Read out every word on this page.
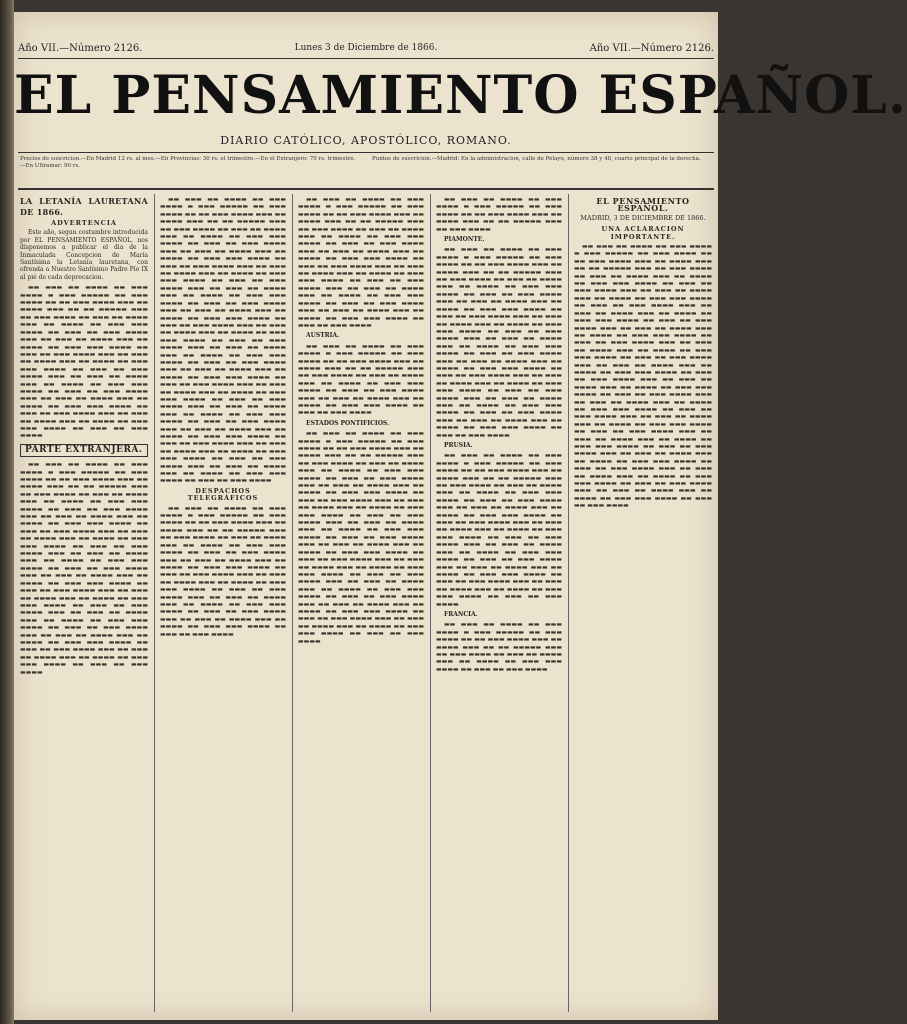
Año VII.—Número 2126.	Lunes 3 de Diciembre de 1866.	Año VII.—Número 2126.
EL PENSAMIENTO ESPAÑOL.
DIARIO CATÓLICO, APOSTÓLICO, ROMANO.
Precios de suscricion.—En Madrid 12 rs. al mes.—En Provincias: 30 rs. el trimestre.—En el Extranjero: 70 rs. trimestre.—En Ultramar: 90 rs.
Puntos de suscricion.—Madrid: En la administracion, calle de Pelayo, número 38 y 40, cuarto principal de la derecha.
LA LETANÍA LAURETANA DE 1866.
ADVERTENCIA

Este año, segun costumbre introducida por EL PENSAMIENTO ESPAÑOL, nos disponemos a publicar el dia de la Inmaculada Concepcion de María Santísima la Letanía lauretana, con ofrenda a Nuestro Santísimo Padre Pío IX al pié de cada deprecacion.

▬▬ ▬▬▬ ▬▬ ▬▬▬▬ ▬▬ ▬▬▬ ▬▬▬▬ ▬ ▬▬▬ ▬▬▬▬▬ ▬▬ ▬▬▬ ▬▬▬▬ ▬▬ ▬▬ ▬▬▬ ▬▬▬▬ ▬▬▬ ▬▬ ▬▬▬▬ ▬▬▬ ▬▬ ▬▬ ▬▬▬▬▬ ▬▬▬ ▬▬ ▬▬▬ ▬▬▬▬ ▬▬ ▬▬▬ ▬▬ ▬▬▬▬ ▬▬▬ ▬▬ ▬▬▬▬ ▬▬ ▬▬▬ ▬▬▬ ▬▬▬▬ ▬▬ ▬▬▬ ▬▬ ▬▬▬ ▬▬▬▬ ▬▬▬ ▬▬ ▬▬▬ ▬▬ ▬▬▬▬ ▬▬▬ ▬▬ ▬▬▬▬ ▬▬ ▬▬▬ ▬▬▬ ▬▬▬▬ ▬▬ ▬▬▬ ▬▬ ▬▬▬ ▬▬▬▬ ▬▬▬ ▬▬ ▬▬▬ ▬▬ ▬▬▬▬ ▬▬▬ ▬▬ ▬▬▬▬ ▬▬ ▬▬▬ ▬▬▬ ▬▬▬▬ ▬▬ ▬▬▬ ▬▬ ▬▬▬ ▬▬▬▬ ▬▬▬ ▬▬ ▬▬▬ ▬▬ ▬▬▬▬ ▬▬▬ ▬▬ ▬▬▬▬ ▬▬ ▬▬▬ ▬▬▬ ▬▬▬▬ ▬▬ ▬▬▬ ▬▬ ▬▬▬ ▬▬▬▬ ▬▬▬ ▬▬ ▬▬▬ ▬▬ ▬▬▬▬ ▬▬▬ ▬▬ ▬▬▬▬ ▬▬ ▬▬▬ ▬▬▬ ▬▬▬▬ ▬▬ ▬▬▬ ▬▬ ▬▬▬ ▬▬▬▬ ▬▬▬ ▬▬ ▬▬▬ ▬▬ ▬▬▬▬ ▬▬▬ ▬▬ ▬▬▬▬ ▬▬ ▬▬▬ ▬▬▬ ▬▬▬▬ ▬▬ ▬▬▬ ▬▬ ▬▬▬ ▬▬▬▬

PARTE EXTRANJERA.

▬▬ ▬▬▬ ▬▬ ▬▬▬▬ ▬▬ ▬▬▬ ▬▬▬▬ ▬ ▬▬▬ ▬▬▬▬▬ ▬▬ ▬▬▬ ▬▬▬▬ ▬▬ ▬▬ ▬▬▬ ▬▬▬▬ ▬▬▬ ▬▬ ▬▬▬▬ ▬▬▬ ▬▬ ▬▬ ▬▬▬▬▬ ▬▬▬ ▬▬ ▬▬▬ ▬▬▬▬ ▬▬ ▬▬▬ ▬▬ ▬▬▬▬ ▬▬▬ ▬▬ ▬▬▬▬ ▬▬ ▬▬▬ ▬▬▬ ▬▬▬▬ ▬▬ ▬▬▬ ▬▬ ▬▬▬ ▬▬▬▬ ▬▬▬ ▬▬ ▬▬▬ ▬▬ ▬▬▬▬ ▬▬▬ ▬▬ ▬▬▬▬ ▬▬ ▬▬▬ ▬▬▬ ▬▬▬▬ ▬▬ ▬▬▬ ▬▬ ▬▬▬ ▬▬▬▬ ▬▬▬ ▬▬ ▬▬▬ ▬▬ ▬▬▬▬ ▬▬▬ ▬▬ ▬▬▬▬ ▬▬ ▬▬▬ ▬▬▬ ▬▬▬▬ ▬▬ ▬▬▬ ▬▬ ▬▬▬ ▬▬▬▬ ▬▬▬ ▬▬ ▬▬▬ ▬▬ ▬▬▬▬ ▬▬▬ ▬▬ ▬▬▬▬ ▬▬ ▬▬▬ ▬▬▬ ▬▬▬▬ ▬▬ ▬▬▬ ▬▬ ▬▬▬ ▬▬▬▬ ▬▬▬ ▬▬ ▬▬▬ ▬▬ ▬▬▬▬ ▬▬▬ ▬▬ ▬▬▬▬ ▬▬ ▬▬▬ ▬▬▬ ▬▬▬▬ ▬▬ ▬▬▬ ▬▬ ▬▬▬ ▬▬▬▬ ▬▬▬ ▬▬ ▬▬▬ ▬▬ ▬▬▬▬ ▬▬▬ ▬▬ ▬▬▬▬ ▬▬ ▬▬▬ ▬▬▬ ▬▬▬▬ ▬▬ ▬▬▬ ▬▬ ▬▬▬ ▬▬▬▬ ▬▬▬ ▬▬ ▬▬▬ ▬▬ ▬▬▬▬ ▬▬▬ ▬▬ ▬▬▬▬ ▬▬ ▬▬▬ ▬▬▬ ▬▬▬▬ ▬▬ ▬▬▬ ▬▬ ▬▬▬ ▬▬▬▬ ▬▬▬ ▬▬ ▬▬▬ ▬▬ ▬▬▬▬ ▬▬▬ ▬▬ ▬▬▬▬ ▬▬ ▬▬▬ ▬▬▬ ▬▬▬▬ ▬▬ ▬▬▬ ▬▬ ▬▬▬ ▬▬▬▬ ▬▬▬ ▬▬ ▬▬▬ ▬▬ ▬▬▬▬ ▬▬▬ ▬▬ ▬▬▬▬ ▬▬ ▬▬▬ ▬▬▬ ▬▬▬▬ ▬▬ ▬▬▬ ▬▬ ▬▬▬ ▬▬▬▬

▬▬ ▬▬▬ ▬▬ ▬▬▬▬ ▬▬ ▬▬▬ ▬▬▬▬ ▬ ▬▬▬ ▬▬▬▬▬ ▬▬ ▬▬▬ ▬▬▬▬ ▬▬ ▬▬ ▬▬▬ ▬▬▬▬ ▬▬▬ ▬▬ ▬▬▬▬ ▬▬▬ ▬▬ ▬▬ ▬▬▬▬▬ ▬▬▬ ▬▬ ▬▬▬ ▬▬▬▬ ▬▬ ▬▬▬ ▬▬ ▬▬▬▬ ▬▬▬ ▬▬ ▬▬▬▬ ▬▬ ▬▬▬ ▬▬▬ ▬▬▬▬ ▬▬ ▬▬▬ ▬▬ ▬▬▬ ▬▬▬▬ ▬▬▬ ▬▬ ▬▬▬ ▬▬ ▬▬▬▬ ▬▬▬ ▬▬ ▬▬▬▬ ▬▬ ▬▬▬ ▬▬▬ ▬▬▬▬ ▬▬ ▬▬▬ ▬▬ ▬▬▬ ▬▬▬▬ ▬▬▬ ▬▬ ▬▬▬ ▬▬ ▬▬▬▬ ▬▬▬ ▬▬ ▬▬▬▬ ▬▬ ▬▬▬ ▬▬▬ ▬▬▬▬ ▬▬ ▬▬▬ ▬▬ ▬▬▬ ▬▬▬▬ ▬▬▬ ▬▬ ▬▬▬ ▬▬ ▬▬▬▬ ▬▬▬ ▬▬ ▬▬▬▬ ▬▬ ▬▬▬ ▬▬▬ ▬▬▬▬ ▬▬ ▬▬▬ ▬▬ ▬▬▬ ▬▬▬▬ ▬▬▬ ▬▬ ▬▬▬ ▬▬ ▬▬▬▬ ▬▬▬ ▬▬ ▬▬▬▬ ▬▬ ▬▬▬ ▬▬▬ ▬▬▬▬ ▬▬ ▬▬▬ ▬▬ ▬▬▬ ▬▬▬▬ ▬▬▬ ▬▬ ▬▬▬ ▬▬ ▬▬▬▬ ▬▬▬ ▬▬ ▬▬▬▬ ▬▬ ▬▬▬ ▬▬▬ ▬▬▬▬ ▬▬ ▬▬▬ ▬▬ ▬▬▬ ▬▬▬▬ ▬▬▬ ▬▬ ▬▬▬ ▬▬ ▬▬▬▬ ▬▬▬ ▬▬ ▬▬▬▬ ▬▬ ▬▬▬ ▬▬▬ ▬▬▬▬ ▬▬ ▬▬▬ ▬▬ ▬▬▬ ▬▬▬▬ ▬▬▬ ▬▬ ▬▬▬ ▬▬ ▬▬▬▬ ▬▬▬ ▬▬ ▬▬▬▬ ▬▬ ▬▬▬ ▬▬▬ ▬▬▬▬ ▬▬ ▬▬▬ ▬▬ ▬▬▬ ▬▬▬▬ ▬▬▬ ▬▬ ▬▬▬ ▬▬ ▬▬▬▬ ▬▬▬ ▬▬ ▬▬▬▬ ▬▬ ▬▬▬ ▬▬▬ ▬▬▬▬ ▬▬ ▬▬▬ ▬▬ ▬▬▬ ▬▬▬▬ ▬▬▬ ▬▬ ▬▬▬ ▬▬ ▬▬▬▬ ▬▬▬ ▬▬ ▬▬▬▬ ▬▬ ▬▬▬ ▬▬▬ ▬▬▬▬ ▬▬ ▬▬▬ ▬▬ ▬▬▬ ▬▬▬▬ ▬▬▬ ▬▬ ▬▬▬ ▬▬ ▬▬▬▬ ▬▬▬ ▬▬ ▬▬▬▬ ▬▬ ▬▬▬ ▬▬▬ ▬▬▬▬ ▬▬ ▬▬▬ ▬▬ ▬▬▬ ▬▬▬▬ ▬▬▬ ▬▬ ▬▬▬ ▬▬ ▬▬▬▬ ▬▬▬ ▬▬ ▬▬▬▬ ▬▬ ▬▬▬ ▬▬▬ ▬▬▬▬ ▬▬ ▬▬▬ ▬▬ ▬▬▬ ▬▬▬▬ ▬▬▬ ▬▬ ▬▬▬ ▬▬ ▬▬▬▬ ▬▬▬ ▬▬ ▬▬▬▬ ▬▬ ▬▬▬ ▬▬▬ ▬▬▬▬ ▬▬ ▬▬▬ ▬▬ ▬▬▬ ▬▬▬▬

DESPACHOS TELEGRÁFICOS

▬▬ ▬▬▬ ▬▬ ▬▬▬▬ ▬▬ ▬▬▬ ▬▬▬▬ ▬ ▬▬▬ ▬▬▬▬▬ ▬▬ ▬▬▬ ▬▬▬▬ ▬▬ ▬▬ ▬▬▬ ▬▬▬▬ ▬▬▬ ▬▬ ▬▬▬▬ ▬▬▬ ▬▬ ▬▬ ▬▬▬▬▬ ▬▬▬ ▬▬ ▬▬▬ ▬▬▬▬ ▬▬ ▬▬▬ ▬▬ ▬▬▬▬ ▬▬▬ ▬▬ ▬▬▬▬ ▬▬ ▬▬▬ ▬▬▬ ▬▬▬▬ ▬▬ ▬▬▬ ▬▬ ▬▬▬ ▬▬▬▬ ▬▬▬ ▬▬ ▬▬▬ ▬▬ ▬▬▬▬ ▬▬▬ ▬▬ ▬▬▬▬ ▬▬ ▬▬▬ ▬▬▬ ▬▬▬▬ ▬▬ ▬▬▬ ▬▬ ▬▬▬ ▬▬▬▬ ▬▬▬ ▬▬ ▬▬▬ ▬▬ ▬▬▬▬ ▬▬▬ ▬▬ ▬▬▬▬ ▬▬ ▬▬▬ ▬▬▬ ▬▬▬▬ ▬▬ ▬▬▬ ▬▬ ▬▬▬ ▬▬▬▬ ▬▬▬ ▬▬ ▬▬▬ ▬▬ ▬▬▬▬ ▬▬▬ ▬▬ ▬▬▬▬ ▬▬ ▬▬▬ ▬▬▬ ▬▬▬▬ ▬▬ ▬▬▬ ▬▬ ▬▬▬ ▬▬▬▬ ▬▬▬ ▬▬ ▬▬▬ ▬▬ ▬▬▬▬ ▬▬▬ ▬▬ ▬▬▬▬ ▬▬ ▬▬▬ ▬▬▬ ▬▬▬▬ ▬▬ ▬▬▬ ▬▬ ▬▬▬ ▬▬▬▬

▬▬ ▬▬▬ ▬▬ ▬▬▬▬ ▬▬ ▬▬▬ ▬▬▬▬ ▬ ▬▬▬ ▬▬▬▬▬ ▬▬ ▬▬▬ ▬▬▬▬ ▬▬ ▬▬ ▬▬▬ ▬▬▬▬ ▬▬▬ ▬▬ ▬▬▬▬ ▬▬▬ ▬▬ ▬▬ ▬▬▬▬▬ ▬▬▬ ▬▬ ▬▬▬ ▬▬▬▬ ▬▬ ▬▬▬ ▬▬ ▬▬▬▬ ▬▬▬ ▬▬ ▬▬▬▬ ▬▬ ▬▬▬ ▬▬▬ ▬▬▬▬ ▬▬ ▬▬▬ ▬▬ ▬▬▬ ▬▬▬▬ ▬▬▬ ▬▬ ▬▬▬ ▬▬ ▬▬▬▬ ▬▬▬ ▬▬ ▬▬▬▬ ▬▬ ▬▬▬ ▬▬▬ ▬▬▬▬ ▬▬ ▬▬▬ ▬▬ ▬▬▬ ▬▬▬▬ ▬▬▬ ▬▬ ▬▬▬ ▬▬ ▬▬▬▬ ▬▬▬ ▬▬ ▬▬▬▬ ▬▬ ▬▬▬ ▬▬▬ ▬▬▬▬ ▬▬ ▬▬▬ ▬▬ ▬▬▬ ▬▬▬▬ ▬▬▬ ▬▬ ▬▬▬ ▬▬ ▬▬▬▬ ▬▬▬ ▬▬ ▬▬▬▬ ▬▬ ▬▬▬ ▬▬▬ ▬▬▬▬ ▬▬ ▬▬▬ ▬▬ ▬▬▬ ▬▬▬▬ ▬▬▬ ▬▬ ▬▬▬ ▬▬ ▬▬▬▬ ▬▬▬ ▬▬ ▬▬▬▬ ▬▬ ▬▬▬ ▬▬▬ ▬▬▬▬ ▬▬ ▬▬▬ ▬▬ ▬▬▬ ▬▬▬▬

AUSTRIA.

▬▬ ▬▬▬ ▬▬ ▬▬▬▬ ▬▬ ▬▬▬ ▬▬▬▬ ▬ ▬▬▬ ▬▬▬▬▬ ▬▬ ▬▬▬ ▬▬▬▬ ▬▬ ▬▬ ▬▬▬ ▬▬▬▬ ▬▬▬ ▬▬ ▬▬▬▬ ▬▬▬ ▬▬ ▬▬ ▬▬▬▬▬ ▬▬▬ ▬▬ ▬▬▬ ▬▬▬▬ ▬▬ ▬▬▬ ▬▬ ▬▬▬▬ ▬▬▬ ▬▬ ▬▬▬▬ ▬▬ ▬▬▬ ▬▬▬ ▬▬▬▬ ▬▬ ▬▬▬ ▬▬ ▬▬▬ ▬▬▬▬ ▬▬▬ ▬▬ ▬▬▬ ▬▬ ▬▬▬▬ ▬▬▬ ▬▬ ▬▬▬▬ ▬▬ ▬▬▬ ▬▬▬ ▬▬▬▬ ▬▬ ▬▬▬ ▬▬ ▬▬▬ ▬▬▬▬

ESTADOS PONTIFICIOS.

▬▬ ▬▬▬ ▬▬ ▬▬▬▬ ▬▬ ▬▬▬ ▬▬▬▬ ▬ ▬▬▬ ▬▬▬▬▬ ▬▬ ▬▬▬ ▬▬▬▬ ▬▬ ▬▬ ▬▬▬ ▬▬▬▬ ▬▬▬ ▬▬ ▬▬▬▬ ▬▬▬ ▬▬ ▬▬ ▬▬▬▬▬ ▬▬▬ ▬▬ ▬▬▬ ▬▬▬▬ ▬▬ ▬▬▬ ▬▬ ▬▬▬▬ ▬▬▬ ▬▬ ▬▬▬▬ ▬▬ ▬▬▬ ▬▬▬ ▬▬▬▬ ▬▬ ▬▬▬ ▬▬ ▬▬▬ ▬▬▬▬ ▬▬▬ ▬▬ ▬▬▬ ▬▬ ▬▬▬▬ ▬▬▬ ▬▬ ▬▬▬▬ ▬▬ ▬▬▬ ▬▬▬ ▬▬▬▬ ▬▬ ▬▬▬ ▬▬ ▬▬▬ ▬▬▬▬ ▬▬▬ ▬▬ ▬▬▬ ▬▬ ▬▬▬▬ ▬▬▬ ▬▬ ▬▬▬▬ ▬▬ ▬▬▬ ▬▬▬ ▬▬▬▬ ▬▬ ▬▬▬ ▬▬ ▬▬▬ ▬▬▬▬ ▬▬▬ ▬▬ ▬▬▬ ▬▬ ▬▬▬▬ ▬▬▬ ▬▬ ▬▬▬▬ ▬▬ ▬▬▬ ▬▬▬ ▬▬▬▬ ▬▬ ▬▬▬ ▬▬ ▬▬▬ ▬▬▬▬ ▬▬▬ ▬▬ ▬▬▬ ▬▬ ▬▬▬▬ ▬▬▬ ▬▬ ▬▬▬▬ ▬▬ ▬▬▬ ▬▬▬ ▬▬▬▬ ▬▬ ▬▬▬ ▬▬ ▬▬▬ ▬▬▬▬ ▬▬▬ ▬▬ ▬▬▬ ▬▬ ▬▬▬▬ ▬▬▬ ▬▬ ▬▬▬▬ ▬▬ ▬▬▬ ▬▬▬ ▬▬▬▬ ▬▬ ▬▬▬ ▬▬ ▬▬▬ ▬▬▬▬ ▬▬▬ ▬▬ ▬▬▬ ▬▬ ▬▬▬▬ ▬▬▬ ▬▬ ▬▬▬▬ ▬▬ ▬▬▬ ▬▬▬ ▬▬▬▬ ▬▬ ▬▬▬ ▬▬ ▬▬▬ ▬▬▬▬ ▬▬▬ ▬▬ ▬▬▬ ▬▬ ▬▬▬▬ ▬▬▬ ▬▬ ▬▬▬▬ ▬▬ ▬▬▬ ▬▬▬ ▬▬▬▬ ▬▬ ▬▬▬ ▬▬ ▬▬▬ ▬▬▬▬ ▬▬▬ ▬▬ ▬▬▬ ▬▬ ▬▬▬▬ ▬▬▬ ▬▬ ▬▬▬▬ ▬▬ ▬▬▬ ▬▬▬ ▬▬▬▬ ▬▬ ▬▬▬ ▬▬ ▬▬▬ ▬▬▬▬

▬▬ ▬▬▬ ▬▬ ▬▬▬▬ ▬▬ ▬▬▬ ▬▬▬▬ ▬ ▬▬▬ ▬▬▬▬▬ ▬▬ ▬▬▬ ▬▬▬▬ ▬▬ ▬▬ ▬▬▬ ▬▬▬▬ ▬▬▬ ▬▬ ▬▬▬▬ ▬▬▬ ▬▬ ▬▬ ▬▬▬▬▬ ▬▬▬ ▬▬ ▬▬▬ ▬▬▬▬

PIAMONTE.

▬▬ ▬▬▬ ▬▬ ▬▬▬▬ ▬▬ ▬▬▬ ▬▬▬▬ ▬ ▬▬▬ ▬▬▬▬▬ ▬▬ ▬▬▬ ▬▬▬▬ ▬▬ ▬▬ ▬▬▬ ▬▬▬▬ ▬▬▬ ▬▬ ▬▬▬▬ ▬▬▬ ▬▬ ▬▬ ▬▬▬▬▬ ▬▬▬ ▬▬ ▬▬▬ ▬▬▬▬ ▬▬ ▬▬▬ ▬▬ ▬▬▬▬ ▬▬▬ ▬▬ ▬▬▬▬ ▬▬ ▬▬▬ ▬▬▬ ▬▬▬▬ ▬▬ ▬▬▬ ▬▬ ▬▬▬ ▬▬▬▬ ▬▬▬ ▬▬ ▬▬▬ ▬▬ ▬▬▬▬ ▬▬▬ ▬▬ ▬▬▬▬ ▬▬ ▬▬▬ ▬▬▬ ▬▬▬▬ ▬▬ ▬▬▬ ▬▬ ▬▬▬ ▬▬▬▬ ▬▬▬ ▬▬ ▬▬▬ ▬▬ ▬▬▬▬ ▬▬▬ ▬▬ ▬▬▬▬ ▬▬ ▬▬▬ ▬▬▬ ▬▬▬▬ ▬▬ ▬▬▬ ▬▬ ▬▬▬ ▬▬▬▬ ▬▬▬ ▬▬ ▬▬▬ ▬▬ ▬▬▬▬ ▬▬▬ ▬▬ ▬▬▬▬ ▬▬ ▬▬▬ ▬▬▬ ▬▬▬▬ ▬▬ ▬▬▬ ▬▬ ▬▬▬ ▬▬▬▬ ▬▬▬ ▬▬ ▬▬▬ ▬▬ ▬▬▬▬ ▬▬▬ ▬▬ ▬▬▬▬ ▬▬ ▬▬▬ ▬▬▬ ▬▬▬▬ ▬▬ ▬▬▬ ▬▬ ▬▬▬ ▬▬▬▬ ▬▬▬ ▬▬ ▬▬▬ ▬▬ ▬▬▬▬ ▬▬▬ ▬▬ ▬▬▬▬ ▬▬ ▬▬▬ ▬▬▬ ▬▬▬▬ ▬▬ ▬▬▬ ▬▬ ▬▬▬ ▬▬▬▬ ▬▬▬ ▬▬ ▬▬▬ ▬▬ ▬▬▬▬ ▬▬▬ ▬▬ ▬▬▬▬ ▬▬ ▬▬▬ ▬▬▬ ▬▬▬▬ ▬▬ ▬▬▬ ▬▬ ▬▬▬ ▬▬▬▬ ▬▬▬ ▬▬ ▬▬▬ ▬▬ ▬▬▬▬ ▬▬▬ ▬▬ ▬▬▬▬ ▬▬ ▬▬▬ ▬▬▬ ▬▬▬▬ ▬▬ ▬▬▬ ▬▬ ▬▬▬ ▬▬▬▬

PRUSIA.

▬▬ ▬▬▬ ▬▬ ▬▬▬▬ ▬▬ ▬▬▬ ▬▬▬▬ ▬ ▬▬▬ ▬▬▬▬▬ ▬▬ ▬▬▬ ▬▬▬▬ ▬▬ ▬▬ ▬▬▬ ▬▬▬▬ ▬▬▬ ▬▬ ▬▬▬▬ ▬▬▬ ▬▬ ▬▬ ▬▬▬▬▬ ▬▬▬ ▬▬ ▬▬▬ ▬▬▬▬ ▬▬ ▬▬▬ ▬▬ ▬▬▬▬ ▬▬▬ ▬▬ ▬▬▬▬ ▬▬ ▬▬▬ ▬▬▬ ▬▬▬▬ ▬▬ ▬▬▬ ▬▬ ▬▬▬ ▬▬▬▬ ▬▬▬ ▬▬ ▬▬▬ ▬▬ ▬▬▬▬ ▬▬▬ ▬▬ ▬▬▬▬ ▬▬ ▬▬▬ ▬▬▬ ▬▬▬▬ ▬▬ ▬▬▬ ▬▬ ▬▬▬ ▬▬▬▬ ▬▬▬ ▬▬ ▬▬▬ ▬▬ ▬▬▬▬ ▬▬▬ ▬▬ ▬▬▬▬ ▬▬ ▬▬▬ ▬▬▬ ▬▬▬▬ ▬▬ ▬▬▬ ▬▬ ▬▬▬ ▬▬▬▬ ▬▬▬ ▬▬ ▬▬▬ ▬▬ ▬▬▬▬ ▬▬▬ ▬▬ ▬▬▬▬ ▬▬ ▬▬▬ ▬▬▬ ▬▬▬▬ ▬▬ ▬▬▬ ▬▬ ▬▬▬ ▬▬▬▬ ▬▬▬ ▬▬ ▬▬▬ ▬▬ ▬▬▬▬ ▬▬▬ ▬▬ ▬▬▬▬ ▬▬ ▬▬▬ ▬▬▬ ▬▬▬▬ ▬▬ ▬▬▬ ▬▬ ▬▬▬ ▬▬▬▬ ▬▬▬ ▬▬ ▬▬▬ ▬▬ ▬▬▬▬ ▬▬▬ ▬▬ ▬▬▬▬ ▬▬ ▬▬▬ ▬▬▬ ▬▬▬▬ ▬▬ ▬▬▬ ▬▬ ▬▬▬ ▬▬▬▬

FRANCIA.

▬▬ ▬▬▬ ▬▬ ▬▬▬▬ ▬▬ ▬▬▬ ▬▬▬▬ ▬ ▬▬▬ ▬▬▬▬▬ ▬▬ ▬▬▬ ▬▬▬▬ ▬▬ ▬▬ ▬▬▬ ▬▬▬▬ ▬▬▬ ▬▬ ▬▬▬▬ ▬▬▬ ▬▬ ▬▬ ▬▬▬▬▬ ▬▬▬ ▬▬ ▬▬▬ ▬▬▬▬ ▬▬ ▬▬▬ ▬▬ ▬▬▬▬ ▬▬▬ ▬▬ ▬▬▬▬ ▬▬ ▬▬▬ ▬▬▬ ▬▬▬▬ ▬▬ ▬▬▬ ▬▬ ▬▬▬ ▬▬▬▬

EL PENSAMIENTO ESPAÑOL.
MADRID, 3 DE DICIEMBRE DE 1866.
UNA ACLARACION IMPORTANTE.

▬▬ ▬▬▬ ▬▬ ▬▬▬▬ ▬▬ ▬▬▬ ▬▬▬▬ ▬ ▬▬▬ ▬▬▬▬▬ ▬▬ ▬▬▬ ▬▬▬▬ ▬▬ ▬▬ ▬▬▬ ▬▬▬▬ ▬▬▬ ▬▬ ▬▬▬▬ ▬▬▬ ▬▬ ▬▬ ▬▬▬▬▬ ▬▬▬ ▬▬ ▬▬▬ ▬▬▬▬ ▬▬ ▬▬▬ ▬▬ ▬▬▬▬ ▬▬▬ ▬▬ ▬▬▬▬ ▬▬ ▬▬▬ ▬▬▬ ▬▬▬▬ ▬▬ ▬▬▬ ▬▬ ▬▬▬ ▬▬▬▬ ▬▬▬ ▬▬ ▬▬▬ ▬▬ ▬▬▬▬ ▬▬▬ ▬▬ ▬▬▬▬ ▬▬ ▬▬▬ ▬▬▬ ▬▬▬▬ ▬▬ ▬▬▬ ▬▬ ▬▬▬ ▬▬▬▬ ▬▬▬ ▬▬ ▬▬▬ ▬▬ ▬▬▬▬ ▬▬▬ ▬▬ ▬▬▬▬ ▬▬ ▬▬▬ ▬▬▬ ▬▬▬▬ ▬▬ ▬▬▬ ▬▬ ▬▬▬ ▬▬▬▬ ▬▬▬ ▬▬ ▬▬▬ ▬▬ ▬▬▬▬ ▬▬▬ ▬▬ ▬▬▬▬ ▬▬ ▬▬▬ ▬▬▬ ▬▬▬▬ ▬▬ ▬▬▬ ▬▬ ▬▬▬ ▬▬▬▬ ▬▬▬ ▬▬ ▬▬▬ ▬▬ ▬▬▬▬ ▬▬▬ ▬▬ ▬▬▬▬ ▬▬ ▬▬▬ ▬▬▬ ▬▬▬▬ ▬▬ ▬▬▬ ▬▬ ▬▬▬ ▬▬▬▬ ▬▬▬ ▬▬ ▬▬▬ ▬▬ ▬▬▬▬ ▬▬▬ ▬▬ ▬▬▬▬ ▬▬ ▬▬▬ ▬▬▬ ▬▬▬▬ ▬▬ ▬▬▬ ▬▬ ▬▬▬ ▬▬▬▬ ▬▬▬ ▬▬ ▬▬▬ ▬▬ ▬▬▬▬ ▬▬▬ ▬▬ ▬▬▬▬ ▬▬ ▬▬▬ ▬▬▬ ▬▬▬▬ ▬▬ ▬▬▬ ▬▬ ▬▬▬ ▬▬▬▬ ▬▬▬ ▬▬ ▬▬▬ ▬▬ ▬▬▬▬ ▬▬▬ ▬▬ ▬▬▬▬ ▬▬ ▬▬▬ ▬▬▬ ▬▬▬▬ ▬▬ ▬▬▬ ▬▬ ▬▬▬ ▬▬▬▬ ▬▬▬ ▬▬ ▬▬▬ ▬▬ ▬▬▬▬ ▬▬▬ ▬▬ ▬▬▬▬ ▬▬ ▬▬▬ ▬▬▬ ▬▬▬▬ ▬▬ ▬▬▬ ▬▬ ▬▬▬ ▬▬▬▬ ▬▬▬ ▬▬ ▬▬▬ ▬▬ ▬▬▬▬ ▬▬▬ ▬▬ ▬▬▬▬ ▬▬ ▬▬▬ ▬▬▬ ▬▬▬▬ ▬▬ ▬▬▬ ▬▬ ▬▬▬ ▬▬▬▬ ▬▬▬ ▬▬ ▬▬▬ ▬▬ ▬▬▬▬ ▬▬▬ ▬▬ ▬▬▬▬ ▬▬ ▬▬▬ ▬▬▬ ▬▬▬▬ ▬▬ ▬▬▬ ▬▬ ▬▬▬ ▬▬▬▬ ▬▬▬ ▬▬ ▬▬▬ ▬▬ ▬▬▬▬ ▬▬▬ ▬▬ ▬▬▬▬ ▬▬ ▬▬▬ ▬▬▬ ▬▬▬▬ ▬▬ ▬▬▬ ▬▬ ▬▬▬ ▬▬▬▬ ▬▬▬ ▬▬ ▬▬▬ ▬▬ ▬▬▬▬ ▬▬▬ ▬▬ ▬▬▬▬ ▬▬ ▬▬▬ ▬▬▬ ▬▬▬▬ ▬▬ ▬▬▬ ▬▬ ▬▬▬ ▬▬▬▬
